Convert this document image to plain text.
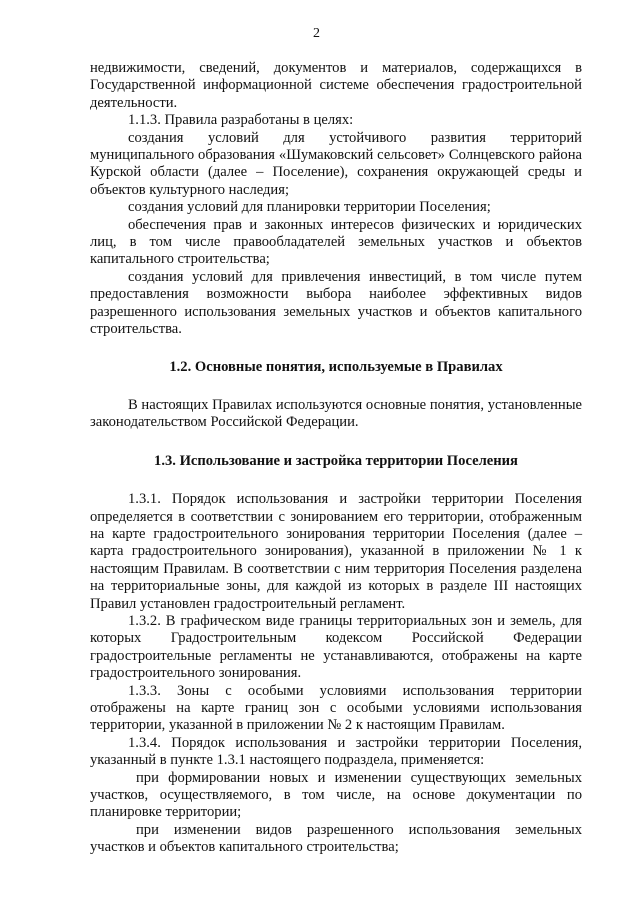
2

недвижимости, сведений, документов и материалов, содержащихся в Государственной информационной системе обеспечения градостроительной деятельности.

1.1.3. Правила разработаны в целях:

создания условий для устойчивого развития территорий муниципального образования «Шумаковский сельсовет» Солнцевского района Курской области (далее – Поселение), сохранения окружающей среды и объектов культурного наследия;

создания условий для планировки территории Поселения;

обеспечения прав и законных интересов физических и юридических лиц, в том числе правообладателей земельных участков и объектов капитального строительства;

создания условий для привлечения инвестиций, в том числе путем предоставления возможности выбора наиболее эффективных видов разрешенного использования земельных участков и объектов капитального строительства.

1.2. Основные понятия, используемые в Правилах

В настоящих Правилах используются основные понятия, установленные законодательством Российской Федерации.

1.3. Использование и застройка территории Поселения

1.3.1. Порядок использования и застройки территории Поселения определяется в соответствии с зонированием его территории, отображенным на карте градостроительного зонирования территории Поселения (далее – карта градостроительного зонирования), указанной в приложении № 1 к настоящим Правилам. В соответствии с ним территория Поселения разделена на территориальные зоны, для каждой из которых в разделе III настоящих Правил установлен градостроительный регламент.

1.3.2. В графическом виде границы территориальных зон и земель, для которых Градостроительным кодексом Российской Федерации градостроительные регламенты не устанавливаются, отображены на карте градостроительного зонирования.

1.3.3. Зоны с особыми условиями использования территории отображены на карте границ зон с особыми условиями использования территории, указанной в приложении № 2 к настоящим Правилам.

1.3.4. Порядок использования и застройки территории Поселения, указанный в пункте 1.3.1 настоящего подраздела, применяется:

при формировании новых и изменении существующих земельных участков, осуществляемого, в том числе, на основе документации по планировке территории;

при изменении видов разрешенного использования земельных участков и объектов капитального строительства;
